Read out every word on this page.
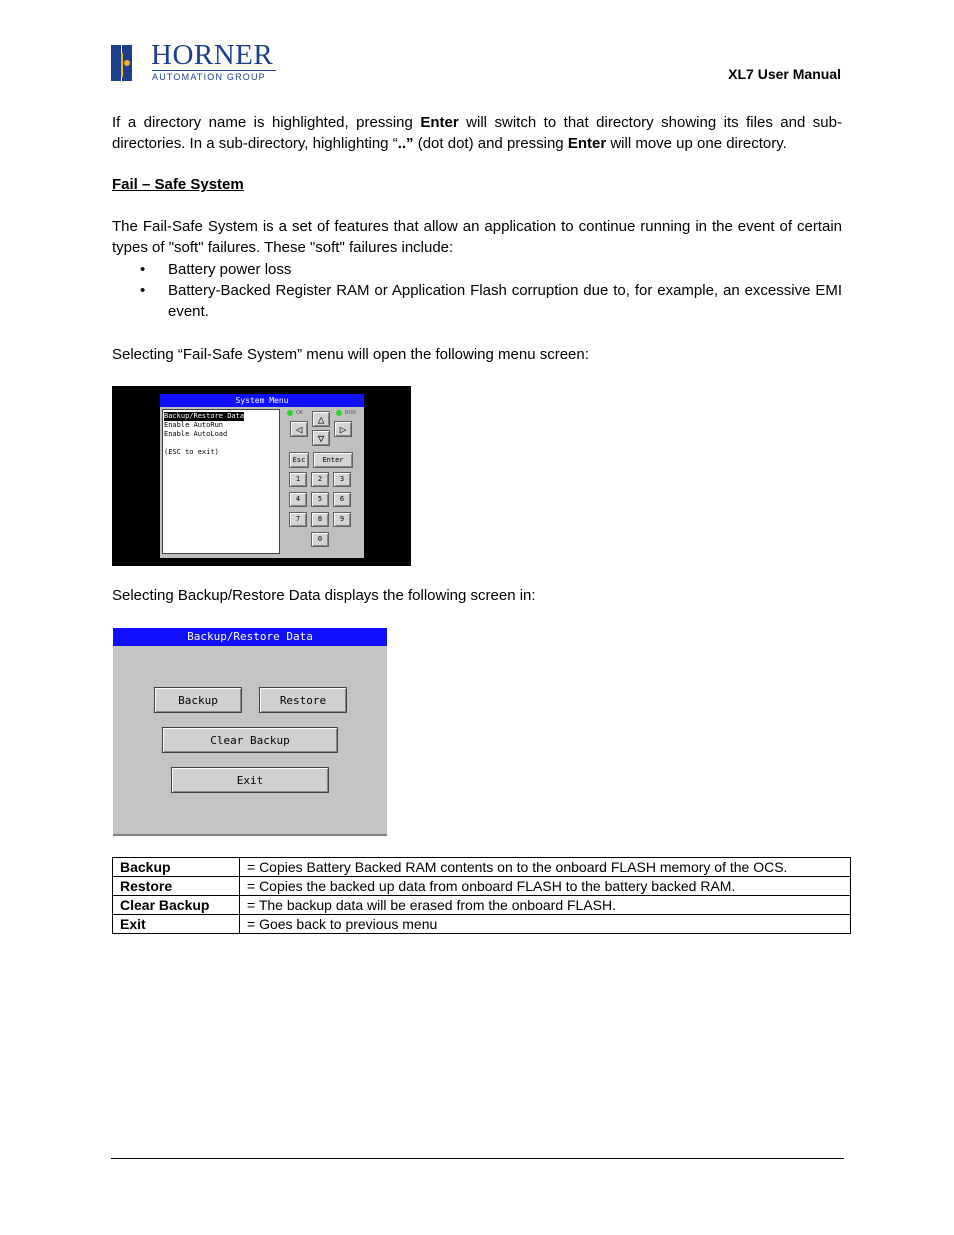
HORNER
AUTOMATION GROUP	XL7 User Manual
If a directory name is highlighted, pressing Enter will switch to that directory showing its files and sub-directories. In a sub-directory, highlighting “..” (dot dot) and pressing Enter will move up one directory.
Fail – Safe System
The Fail-Safe System is a set of features that allow an application to continue running in the event of certain types of "soft" failures. These "soft" failures include:
• Battery power loss
• Battery-Backed Register RAM or Application Flash corruption due to, for example, an excessive EMI event.
Selecting “Fail-Safe System” menu will open the following menu screen:
System Menu
Backup/Restore Data
Enable AutoRun
Enable AutoLoad

(ESC to exit)
OK	RUN
△
◁	▷
▽
Esc	Enter
1	2	3
4	5	6
7	8	9
0
Selecting Backup/Restore Data displays the following screen in:
Backup/Restore Data
Backup	Restore
Clear Backup
Exit
Backup	= Copies Battery Backed RAM contents on to the onboard FLASH memory of the OCS.
Restore	= Copies the backed up data from onboard FLASH to the battery backed RAM.
Clear Backup	= The backup data will be erased from the onboard FLASH.
Exit	= Goes back to previous menu
